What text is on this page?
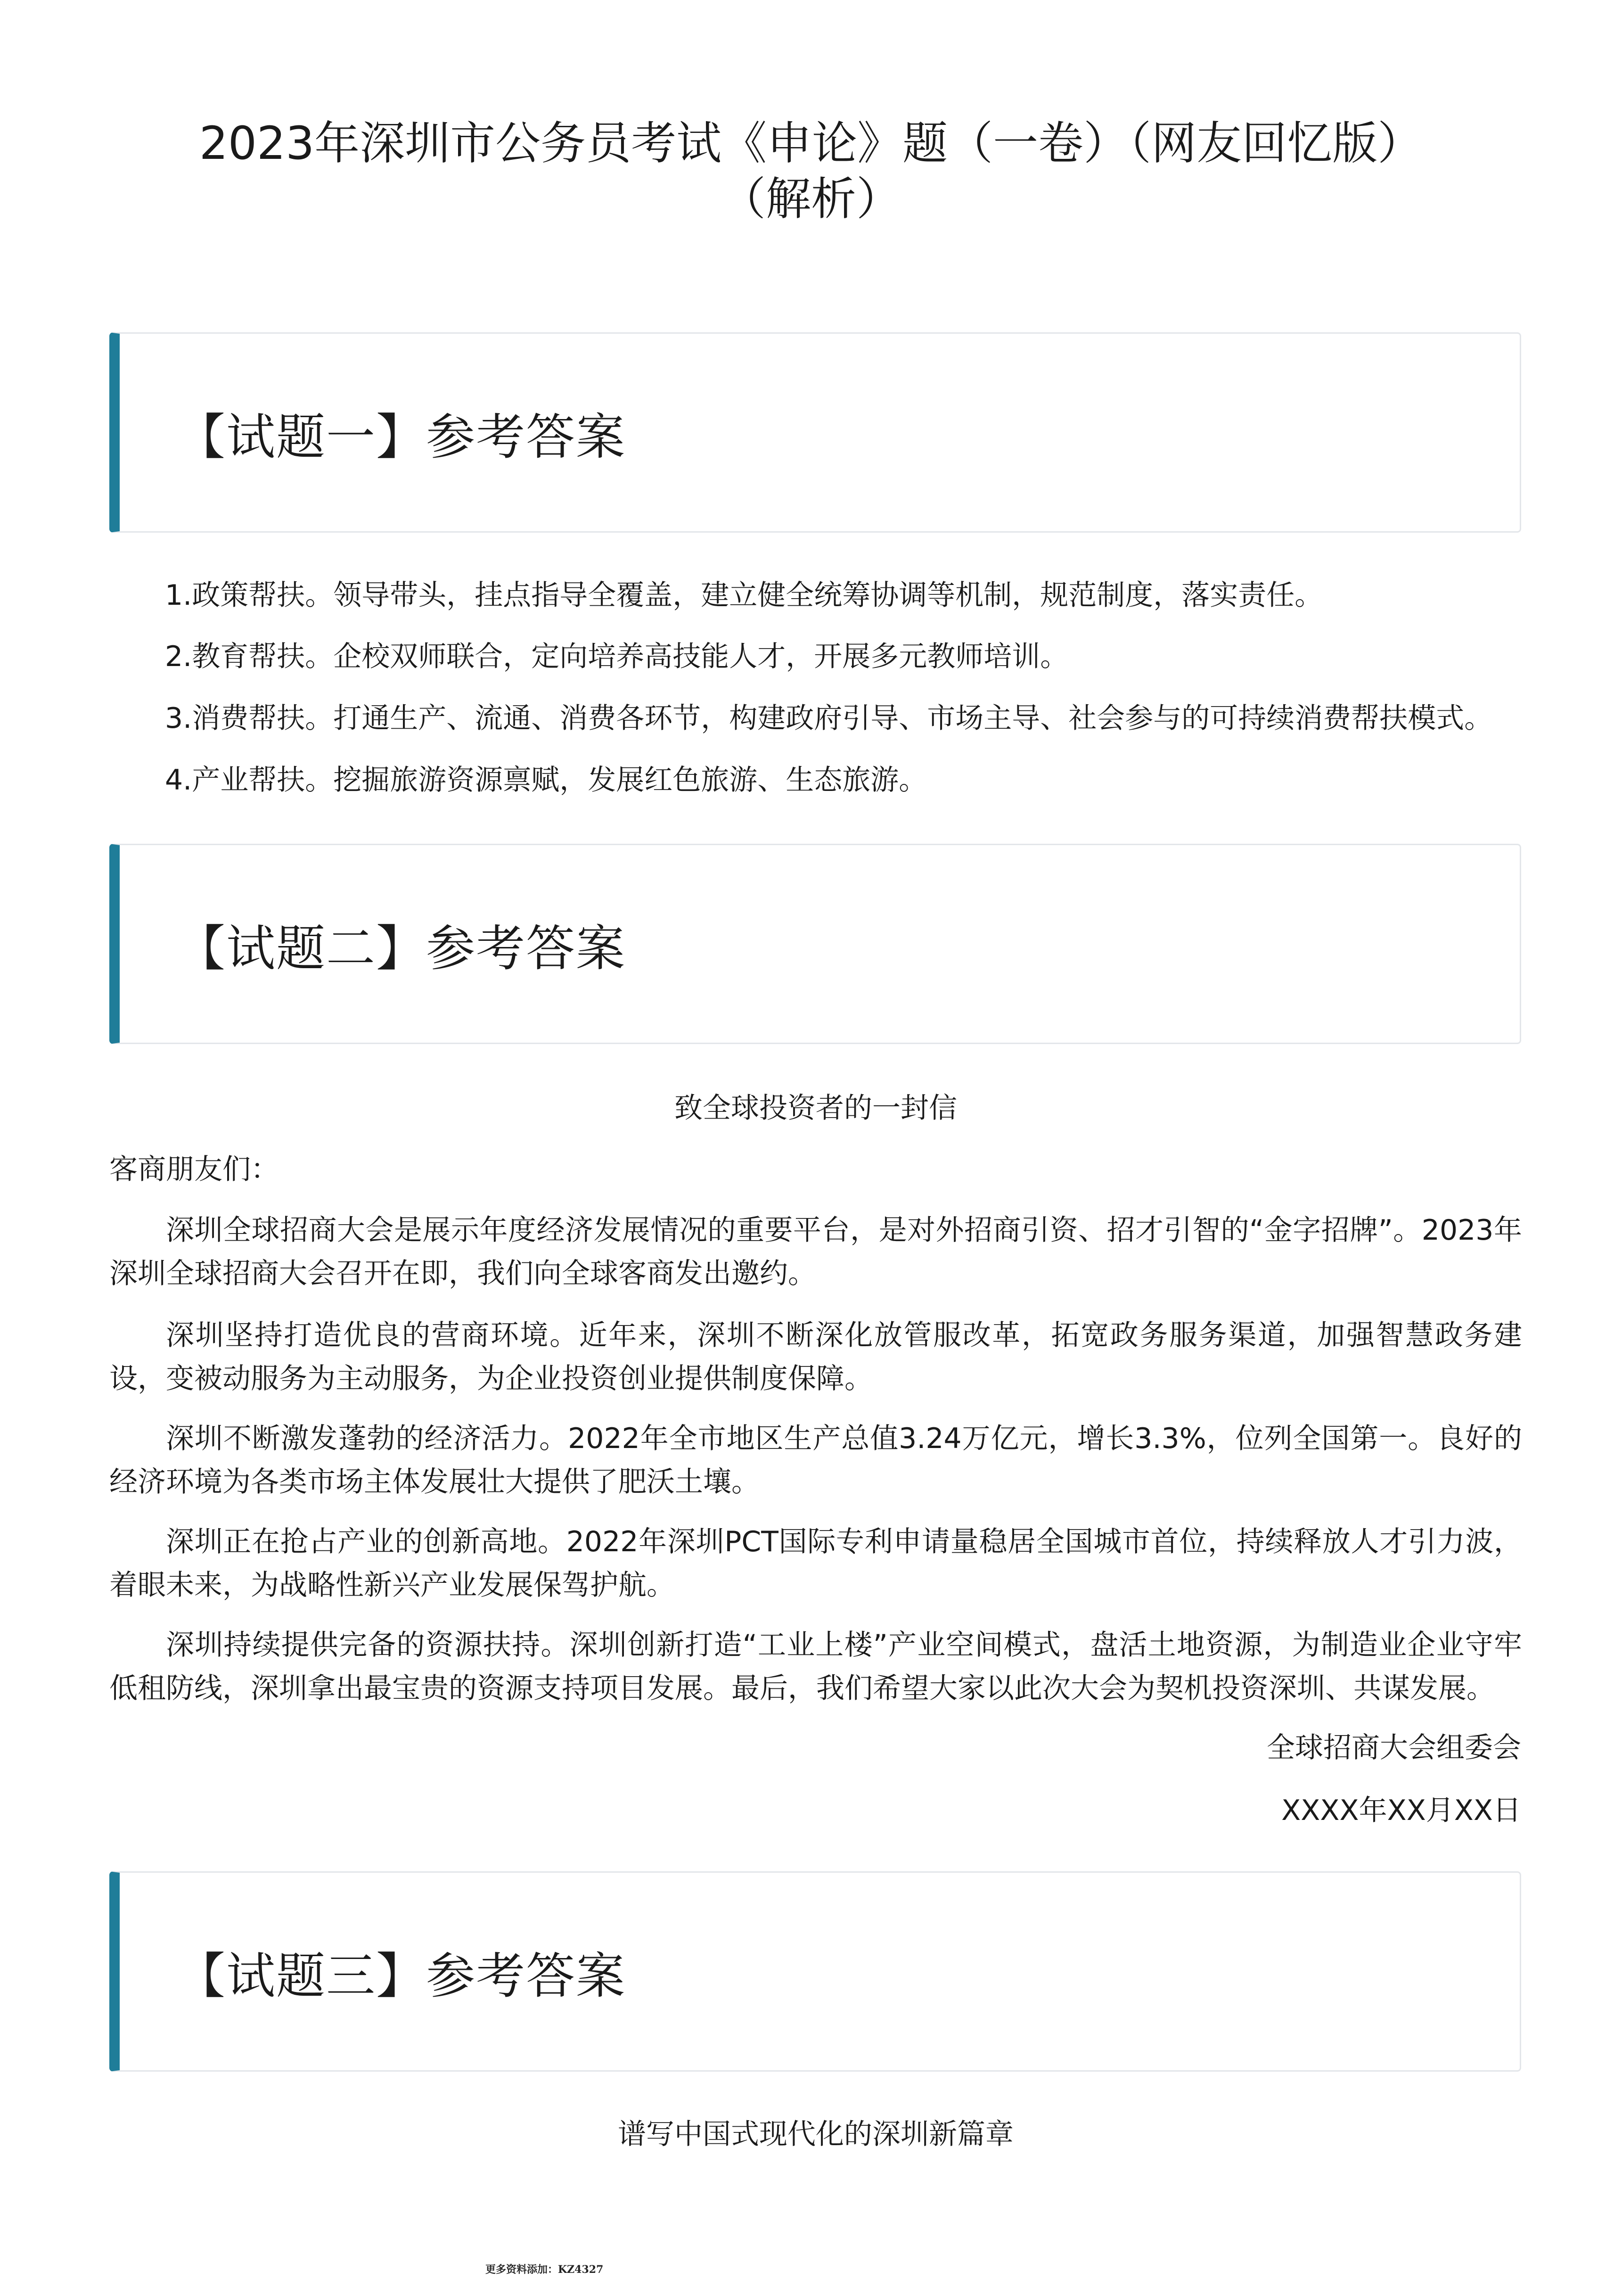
2023年深圳市公务员考试《申论》题（一卷）（网友回忆版）
（解析）
【试题一】参考答案

1.政策帮扶。领导带头，挂点指导全覆盖，建立健全统筹协调等机制，规范制度，落实责任。

2.教育帮扶。企校双师联合，定向培养高技能人才，开展多元教师培训。

3.消费帮扶。打通生产、流通、消费各环节，构建政府引导、市场主导、社会参与的可持续消费帮扶模式。

4.产业帮扶。挖掘旅游资源禀赋，发展红色旅游、生态旅游。

【试题二】参考答案

致全球投资者的一封信

客商朋友们：

深圳全球招商大会是展示年度经济发展情况的重要平台，是对外招商引资、招才引智的“金字招牌”。2023年深圳全球招商大会召开在即，我们向全球客商发出邀约。

深圳坚持打造优良的营商环境。近年来，深圳不断深化放管服改革，拓宽政务服务渠道，加强智慧政务建设，变被动服务为主动服务，为企业投资创业提供制度保障。

深圳不断激发蓬勃的经济活力。2022年全市地区生产总值3.24万亿元，增长3.3%，位列全国第一。良好的经济环境为各类市场主体发展壮大提供了肥沃土壤。

深圳正在抢占产业的创新高地。2022年深圳PCT国际专利申请量稳居全国城市首位，持续释放人才引力波，着眼未来，为战略性新兴产业发展保驾护航。

深圳持续提供完备的资源扶持。深圳创新打造“工业上楼”产业空间模式，盘活土地资源，为制造业企业守牢低租防线，深圳拿出最宝贵的资源支持项目发展。最后，我们希望大家以此次大会为契机投资深圳、共谋发展。

全球招商大会组委会

XXXX年XX月XX日

【试题三】参考答案

谱写中国式现代化的深圳新篇章

更多资料添加：KZ4327
